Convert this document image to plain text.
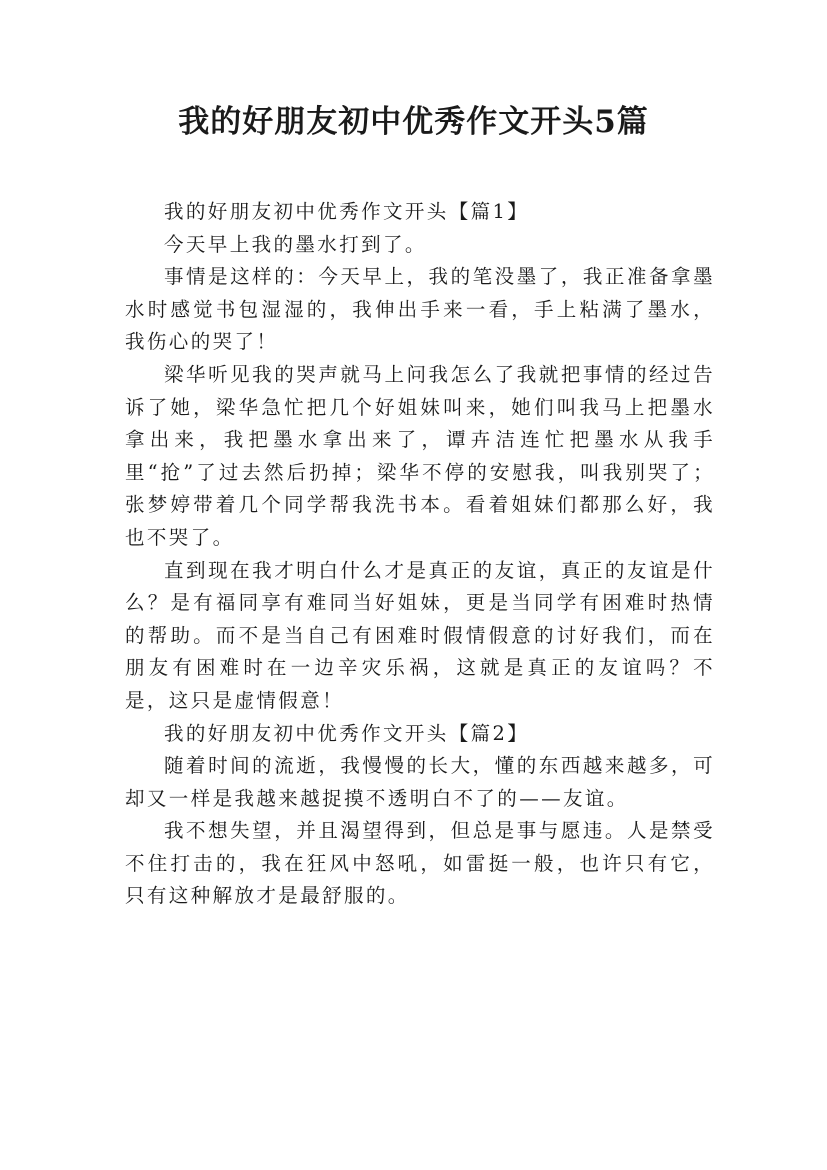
我的好朋友初中优秀作文开头5篇

我的好朋友初中优秀作文开头【篇1】

今天早上我的墨水打到了。

事情是这样的：今天早上，我的笔没墨了，我正准备拿墨水时感觉书包湿湿的，我伸出手来一看，手上粘满了墨水，我伤心的哭了！

梁华听见我的哭声就马上问我怎么了我就把事情的经过告诉了她，梁华急忙把几个好姐妹叫来，她们叫我马上把墨水拿出来，我把墨水拿出来了，谭卉洁连忙把墨水从我手里“抢”了过去然后扔掉；梁华不停的安慰我，叫我别哭了；张梦婷带着几个同学帮我洗书本。看着姐妹们都那么好，我也不哭了。

直到现在我才明白什么才是真正的友谊，真正的友谊是什么？是有福同享有难同当好姐妹，更是当同学有困难时热情的帮助。而不是当自己有困难时假情假意的讨好我们，而在朋友有困难时在一边辛灾乐祸，这就是真正的友谊吗？不是，这只是虚情假意！

我的好朋友初中优秀作文开头【篇2】

随着时间的流逝，我慢慢的长大，懂的东西越来越多，可却又一样是我越来越捉摸不透明白不了的——友谊。

我不想失望，并且渴望得到，但总是事与愿违。人是禁受不住打击的，我在狂风中怒吼，如雷挺一般，也许只有它，只有这种解放才是最舒服的。
